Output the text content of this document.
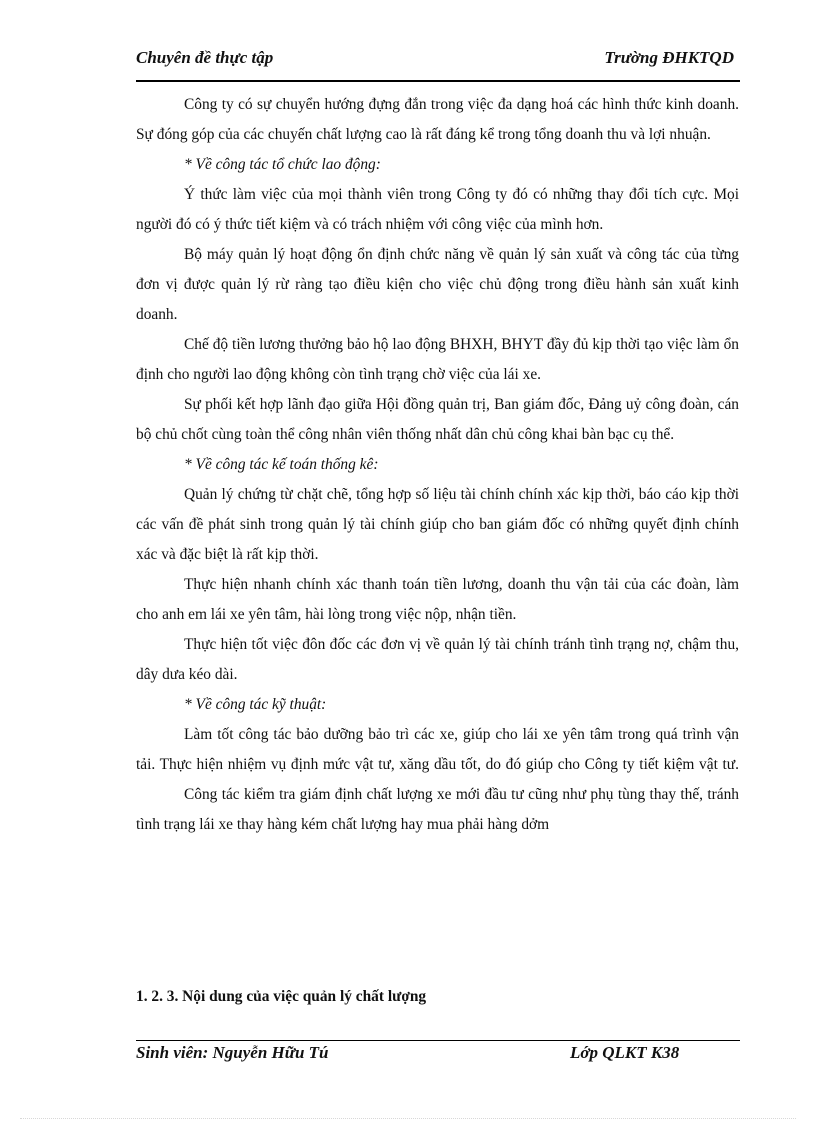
Chuyên đề thực tập	Trường ĐHKTQD

Công ty có sự chuyển hướng đựng đắn trong việc đa dạng hoá các hình thức kinh doanh. Sự đóng góp của các chuyến chất lượng cao là rất đáng kể trong tổng doanh thu và lợi nhuận.

* Về công tác tổ chức lao động:

Ý thức làm việc của mọi thành viên trong Công ty đó có những thay đổi tích cực. Mọi người đó có ý thức tiết kiệm và có trách nhiệm với công việc của mình hơn.

Bộ máy quản lý hoạt động ổn định chức năng về quản lý sản xuất và công tác của từng đơn vị được quản lý rừ ràng tạo điều kiện cho việc chủ động trong điều hành sản xuất kinh doanh.

Chế độ tiền lương thưởng bảo hộ lao động BHXH, BHYT đầy đủ kịp thời tạo việc làm ổn định cho người lao động không còn tình trạng chờ việc của lái xe.

Sự phối kết hợp lãnh đạo giữa Hội đồng quản trị, Ban giám đốc, Đảng uỷ công đoàn, cán bộ chủ chốt cùng toàn thể công nhân viên thống nhất dân chủ công khai bàn bạc cụ thể.

* Về công tác kế toán thống kê:

Quản lý chứng từ chặt chẽ, tổng hợp số liệu tài chính chính xác kịp thời, báo cáo kịp thời các vấn đề phát sinh trong quản lý tài chính giúp cho ban giám đốc có những quyết định chính xác và đặc biệt là rất kịp thời.

Thực hiện nhanh chính xác thanh toán tiền lương, doanh thu vận tải của các đoàn, làm cho anh em lái xe yên tâm, hài lòng trong việc nộp, nhận tiền.

Thực hiện tốt việc đôn đốc các đơn vị về quản lý tài chính tránh tình trạng nợ, chậm thu, dây dưa kéo dài.

* Về công tác kỹ thuật:

Làm tốt công tác bảo dưỡng bảo trì các xe, giúp cho lái xe yên tâm trong quá trình vận tải. Thực hiện nhiệm vụ định mức vật tư, xăng dầu tốt, do đó giúp cho Công ty tiết kiệm vật tư.

Công tác kiểm tra giám định chất lượng xe mới đầu tư cũng như phụ tùng thay thế, tránh tình trạng lái xe thay hàng kém chất lượng hay mua phải hàng dởm

1. 2. 3. Nội dung của việc quản lý chất lượng
Sinh viên: Nguyễn Hữu Tú	Lớp QLKT K38
